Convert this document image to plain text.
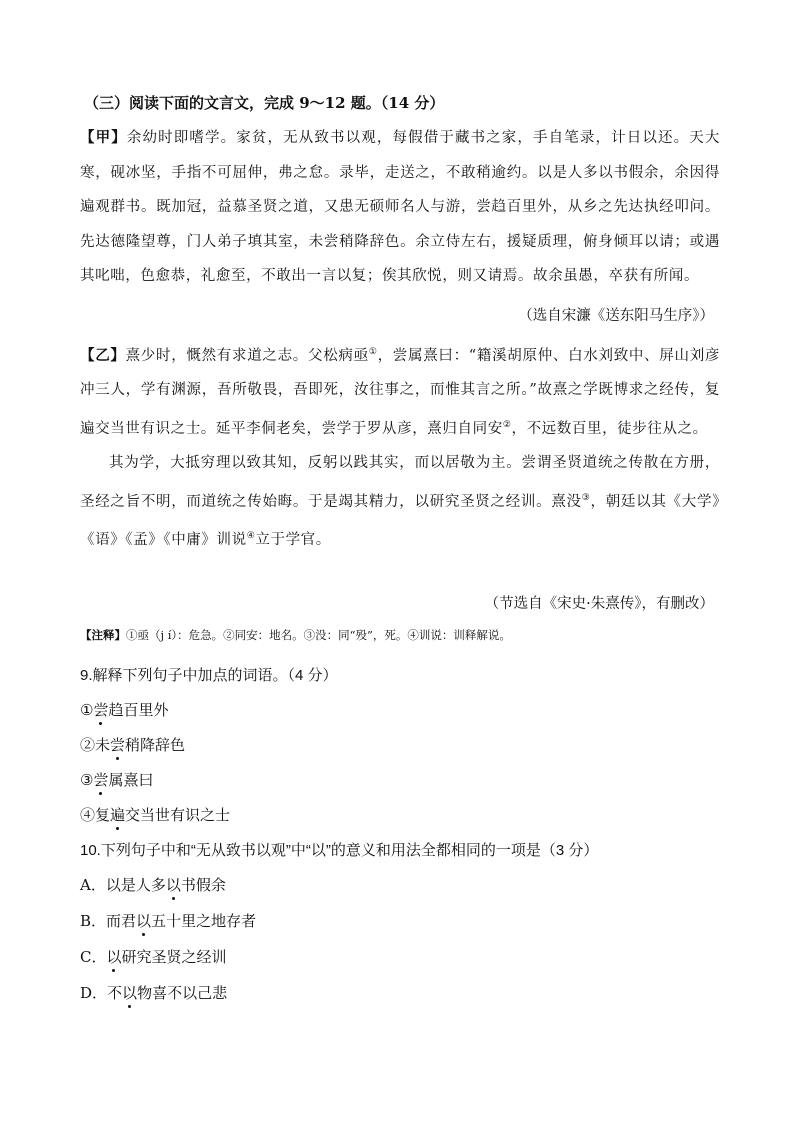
（三）阅读下面的文言文，完成 9～12 题。（14 分）

【甲】余幼时即嗜学。家贫，无从致书以观，每假借于藏书之家，手自笔录，计日以还。天大寒，砚冰坚，手指不可屈伸，弗之怠。录毕，走送之，不敢稍逾约。以是人多以书假余，余因得遍观群书。既加冠，益慕圣贤之道，又患无硕师名人与游，尝趋百里外，从乡之先达执经叩问。先达德隆望尊，门人弟子填其室，未尝稍降辞色。余立侍左右，援疑质理，俯身倾耳以请；或遇其叱咄，色愈恭，礼愈至，不敢出一言以复；俟其欣悦，则又请焉。故余虽愚，卒获有所闻。

（选自宋濂《送东阳马生序》）

【乙】熹少时，慨然有求道之志。父松病亟①，尝属熹曰：“籍溪胡原仲、白水刘致中、屏山刘彦冲三人，学有渊源，吾所敬畏，吾即死，汝往事之，而惟其言之所。”故熹之学既博求之经传，复遍交当世有识之士。延平李侗老矣，尝学于罗从彦，熹归自同安②，不远数百里，徒步往从之。

其为学，大抵穷理以致其知，反躬以践其实，而以居敬为主。尝谓圣贤道统之传散在方册，圣经之旨不明，而道统之传始晦。于是竭其精力，以研究圣贤之经训。熹没③，朝廷以其《大学》《语》《孟》《中庸》训说④立于学官。

（节选自《宋史·朱熹传》，有删改）
【注释】①亟（j í）：危急。②同安：地名。③没：同“殁”，死。④训说：训释解说。
9.解释下列句子中加点的词语。（4 分）
①尝趋百里外
②未尝稍降辞色
③尝属熹曰
④复遍交当世有识之士
10.下列句子中和“无从致书以观”中“以”的意义和用法全都相同的一项是（3 分）
A．以是人多以书假余
B．而君以五十里之地存者
C．以研究圣贤之经训
D．不以物喜不以己悲
